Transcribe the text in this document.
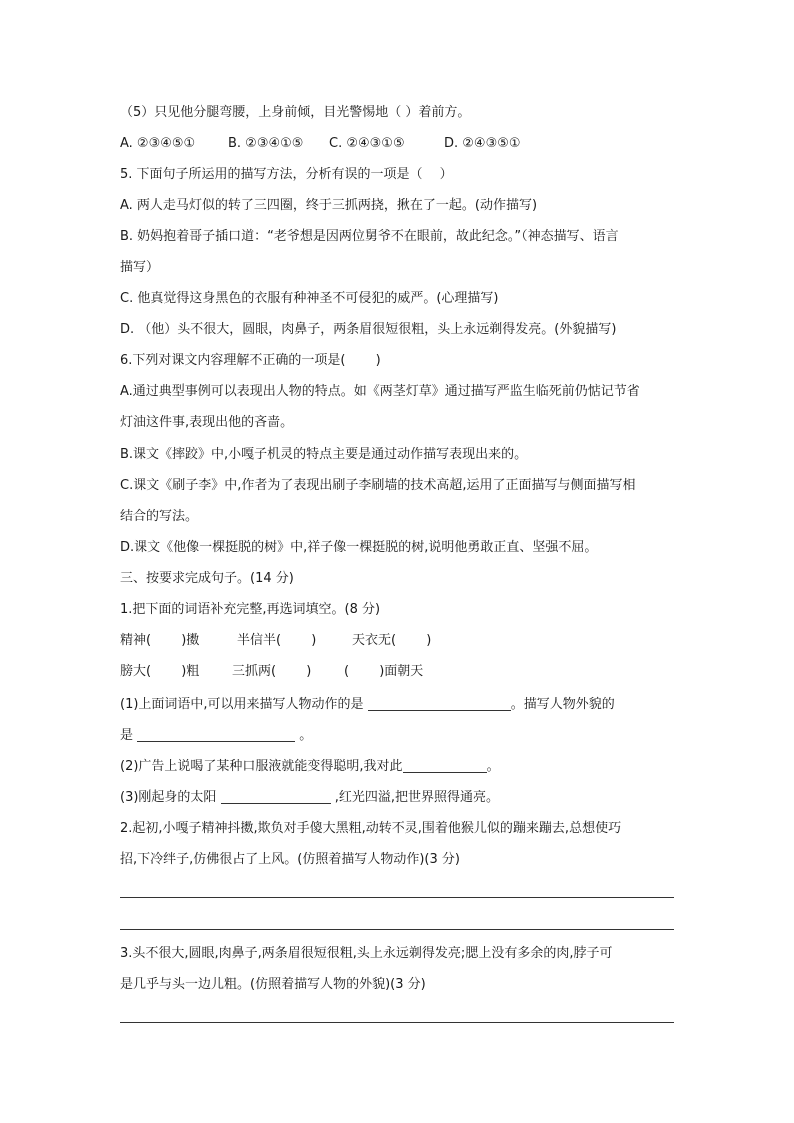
（5）只见他分腿弯腰，上身前倾，目光警惕地（ ）着前方。
A. ②③④⑤①	B. ②③④①⑤ C. ②④③①⑤	D. ②④③⑤①
5. 下面句子所运用的描写方法，分析有误的一项是（　 ）
A. 两人走马灯似的转了三四圈，终于三抓两挠，揪在了一起。(动作描写)
B. 奶妈抱着哥子插口道：“老爷想是因两位舅爷不在眼前，故此纪念。”（神态描写、语言
描写）
C. 他真觉得这身黑色的衣服有种神圣不可侵犯的威严。(心理描写)
D. （他）头不很大，圆眼，肉鼻子，两条眉很短很粗，头上永远剃得发亮。(外貌描写)
6.下列对课文内容理解不正确的一项是(　 　)
A.通过典型事例可以表现出人物的特点。如《两茎灯草》通过描写严监生临死前仍惦记节省
灯油这件事,表现出他的吝啬。
B.课文《摔跤》中,小嘎子机灵的特点主要是通过动作描写表现出来的。
C.课文《刷子李》中,作者为了表现出刷子李刷墙的技术高超,运用了正面描写与侧面描写相
结合的写法。
D.课文《他像一棵挺脱的树》中,祥子像一棵挺脱的树,说明他勇敢正直、坚强不屈。
三、按要求完成句子。(14 分)
1.把下面的词语补充完整,再选词填空。(8 分)
精神(　　 )擞	半信半(　　 )	天衣无(　　 )
膀大(　　 )粗	三抓两(　　 )	(　　 )面朝天
(1)上面词语中,可以用来描写人物动作的是	。描写人物外貌的
是	。
(2)广告上说喝了某种口服液就能变得聪明,我对此	。
(3)刚起身的太阳	,红光四溢,把世界照得通亮。
2.起初,小嘎子精神抖擞,欺负对手傻大黑粗,动转不灵,围着他猴儿似的蹦来蹦去,总想使巧
招,下冷绊子,仿佛很占了上风。(仿照着描写人物动作)(3 分)
3.头不很大,圆眼,肉鼻子,两条眉很短很粗,头上永远剃得发亮;腮上没有多余的肉,脖子可
是几乎与头一边儿粗。(仿照着描写人物的外貌)(3 分)
